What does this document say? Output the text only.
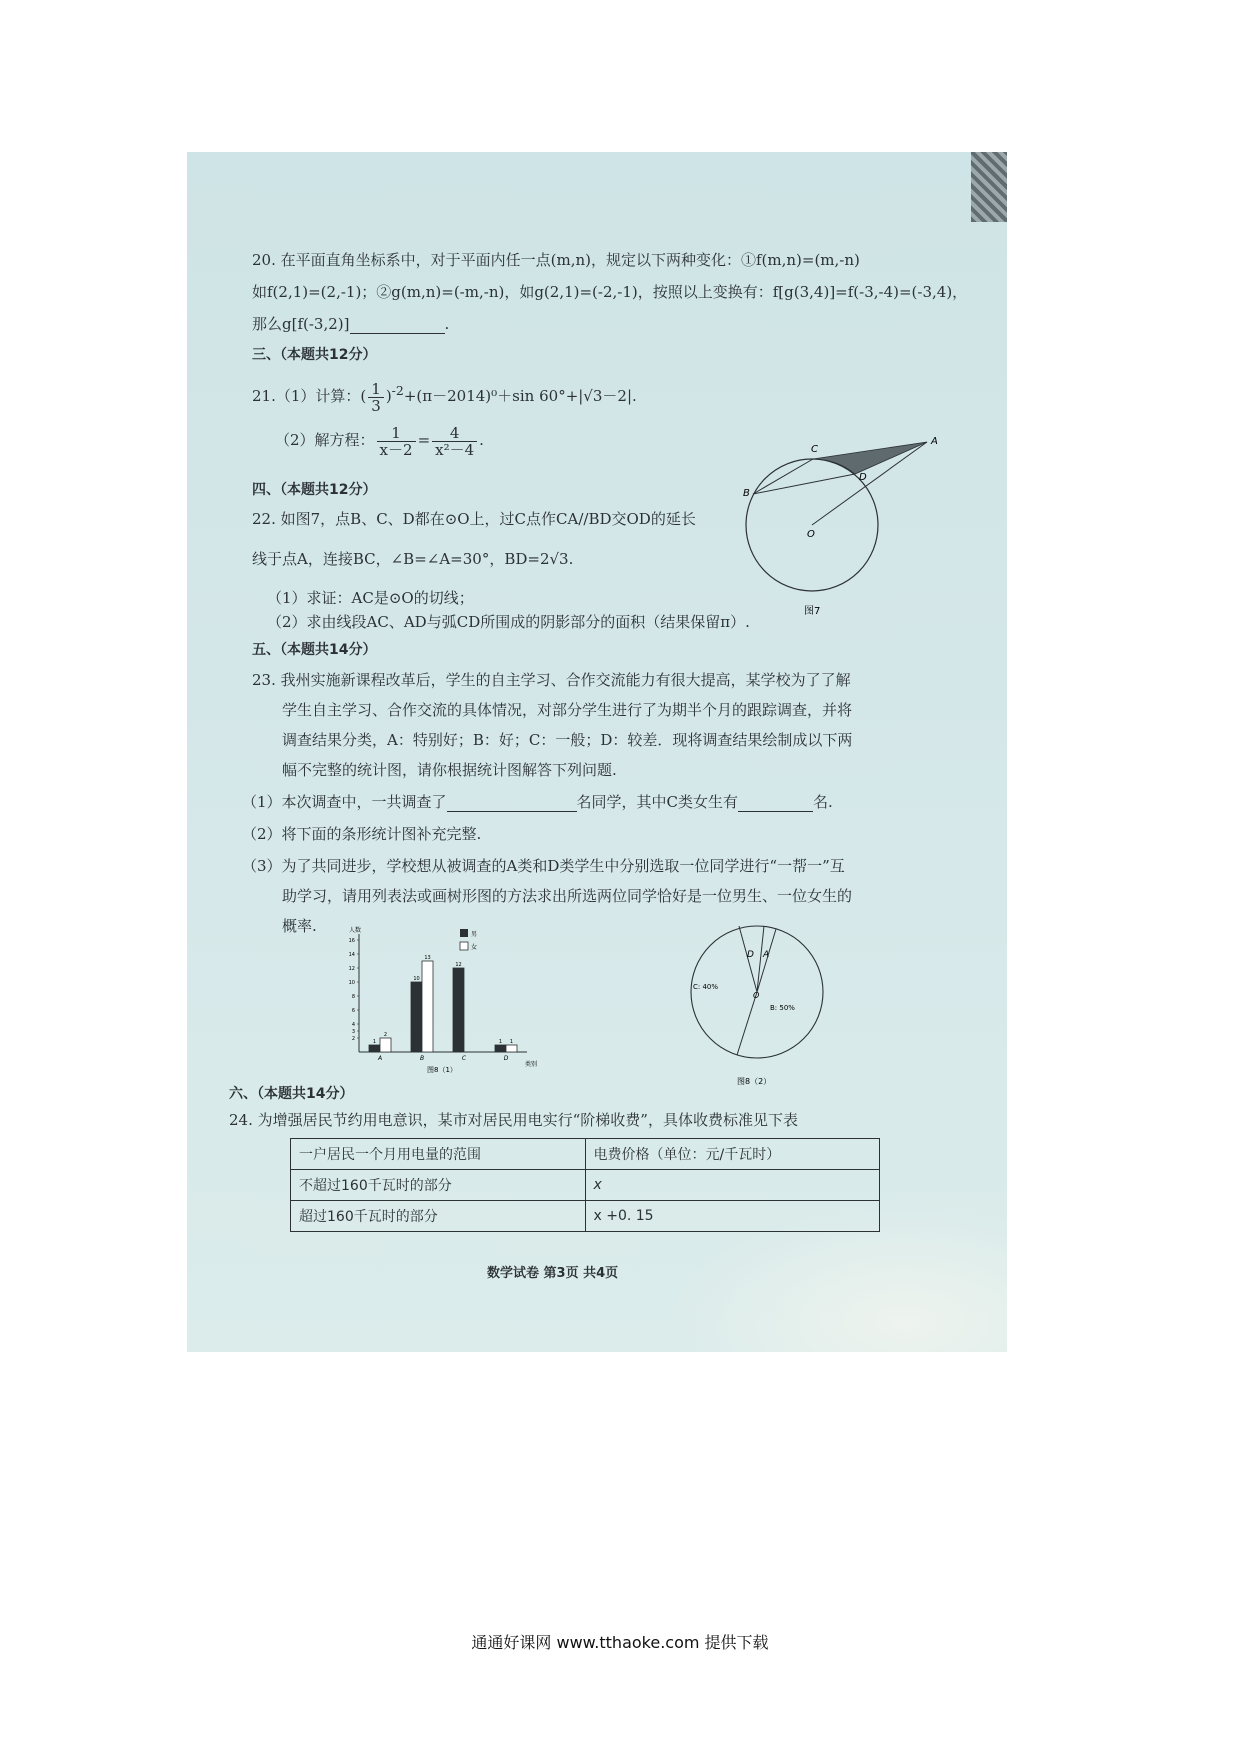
20. 在平面直角坐标系中，对于平面内任一点(m,n)，规定以下两种变化：①f(m,n)=(m,-n)
如f(2,1)=(2,-1)；②g(m,n)=(-m,-n)，如g(2,1)=(-2,-1)，按照以上变换有：f[g(3,4)]=f(-3,-4)=(-3,4)，
那么g[f(-3,2)]	.
三、（本题共12分）
21.（1）计算：( $\frac{1}{3} )^{-2}+(\pi-2014)^0+\sin$ 60°+|√3－2|.
（2）解方程： $\frac{1}{x-2} = \frac{4}{\text{x²－4}}$ .
四、（本题共12分）
22. 如图7，点B、C、D都在⊙O上，过C点作CA//BD交OD的延长
线于点A，连接BC，∠B=∠A=30°，BD=2√3.
（1）求证：AC是⊙O的切线；
（2）求由线段AC、AD与弧CD所围成的阴影部分的面积（结果保留π）.
C
A
B
D
O
图7
五、（本题共14分）
23. 我州实施新课程改革后，学生的自主学习、合作交流能力有很大提高，某学校为了了解
学生自主学习、合作交流的具体情况，对部分学生进行了为期半个月的跟踪调查，并将
调查结果分类，A：特别好；B：好；C：一般；D：较差．现将调查结果绘制成以下两
幅不完整的统计图，请你根据统计图解答下列问题.
（1）本次调查中，一共调查了	名同学，其中C类女生有	名.
（2）将下面的条形统计图补充完整.
（3）为了共同进步，学校想从被调查的A类和D类学生中分别选取一位同学进行“一帮一”互
助学习，请用列表法或画树形图的方法求出所选两位同学恰好是一位男生、一位女生的
概率.
2
3
4
6
8
10
12
14
16
1
2
A
10
13
B
12
C
1 1
D
男
女
人数
类别
图8（1）
D A
C: 40%
B: 50%
O
图8（2）
六、（本题共14分）
24. 为增强居民节约用电意识，某市对居民用电实行“阶梯收费”，具体收费标准见下表
一户居民一个月用电量的范围	电费价格（单位：元/千瓦时）
不超过160千瓦时的部分	x
超过160千瓦时的部分	x +0. 15
数学试卷 第3页 共4页
通通好课网 www.tthaoke.com 提供下载
